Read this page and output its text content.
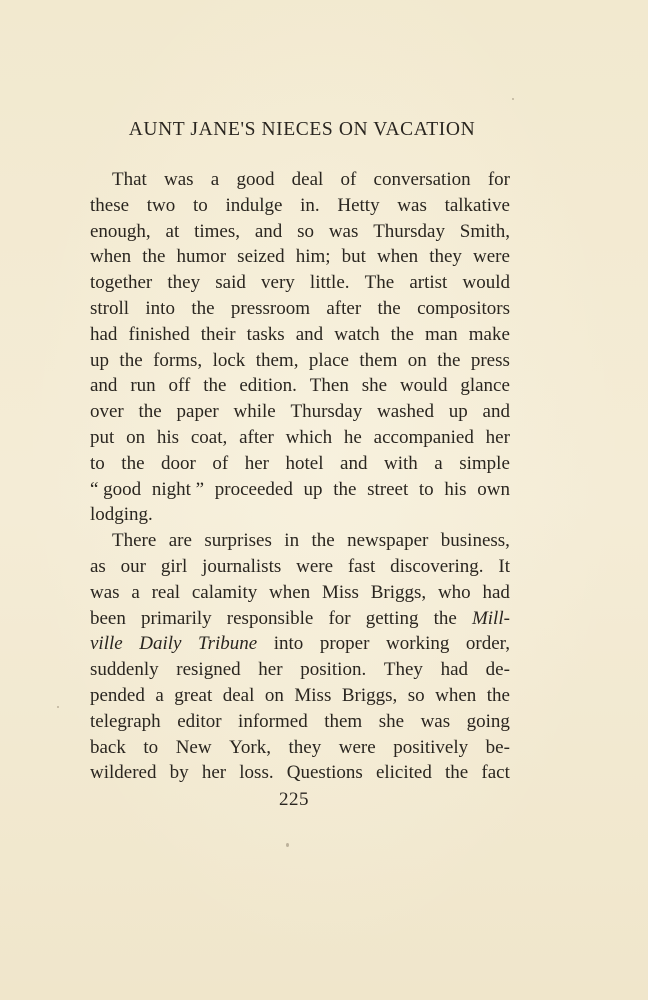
AUNT JANE'S NIECES ON VACATION
That was a good deal of conversation for
these two to indulge in. Hetty was talkative
enough, at times, and so was Thursday Smith,
when the humor seized him; but when they were
together they said very little. The artist would
stroll into the pressroom after the compositors
had finished their tasks and watch the man make
up the forms, lock them, place them on the press
and run off the edition. Then she would glance
over the paper while Thursday washed up and
put on his coat, after which he accompanied her
to the door of her hotel and with a simple
“ good night ” proceeded up the street to his own
lodging.
There are surprises in the newspaper business,
as our girl journalists were fast discovering. It
was a real calamity when Miss Briggs, who had
been primarily responsible for getting the Mill-
ville Daily Tribune into proper working order,
suddenly resigned her position. They had de-
pended a great deal on Miss Briggs, so when the
telegraph editor informed them she was going
back to New York, they were positively be-
wildered by her loss. Questions elicited the fact
225
